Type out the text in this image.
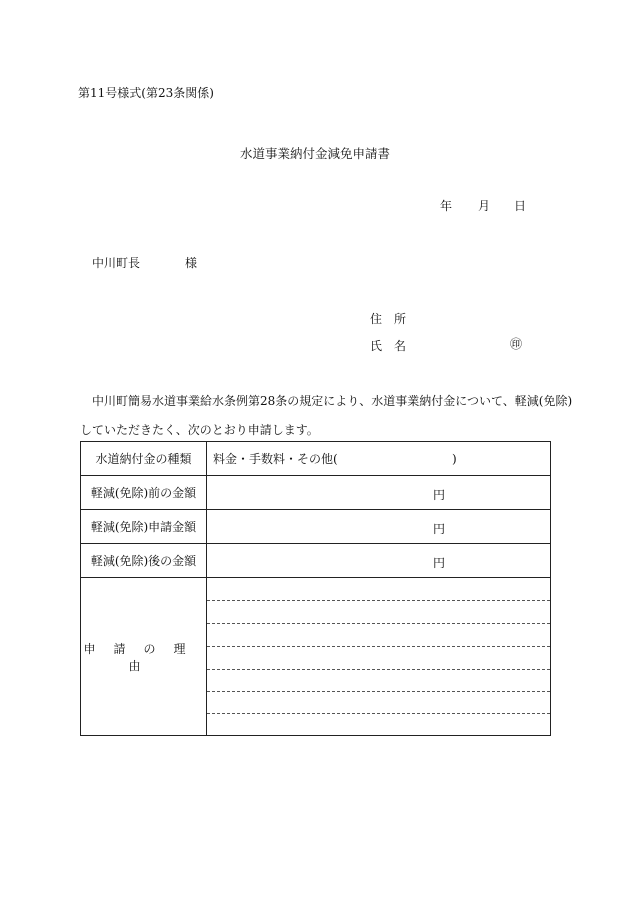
第11号様式(第23条関係)
水道事業納付金減免申請書
年 月 日
中川町長	様
住所
氏名	㊞
中川町簡易水道事業給水条例第28条の規定により、水道事業納付金について、軽減(免除)
していただきたく、次のとおり申請します。
水道納付金の種類	料金・手数料・その他( )

軽減(免除)前の金額	円

軽減(免除)申請金額	円

軽減(免除)後の金額	円

申請の理由	
